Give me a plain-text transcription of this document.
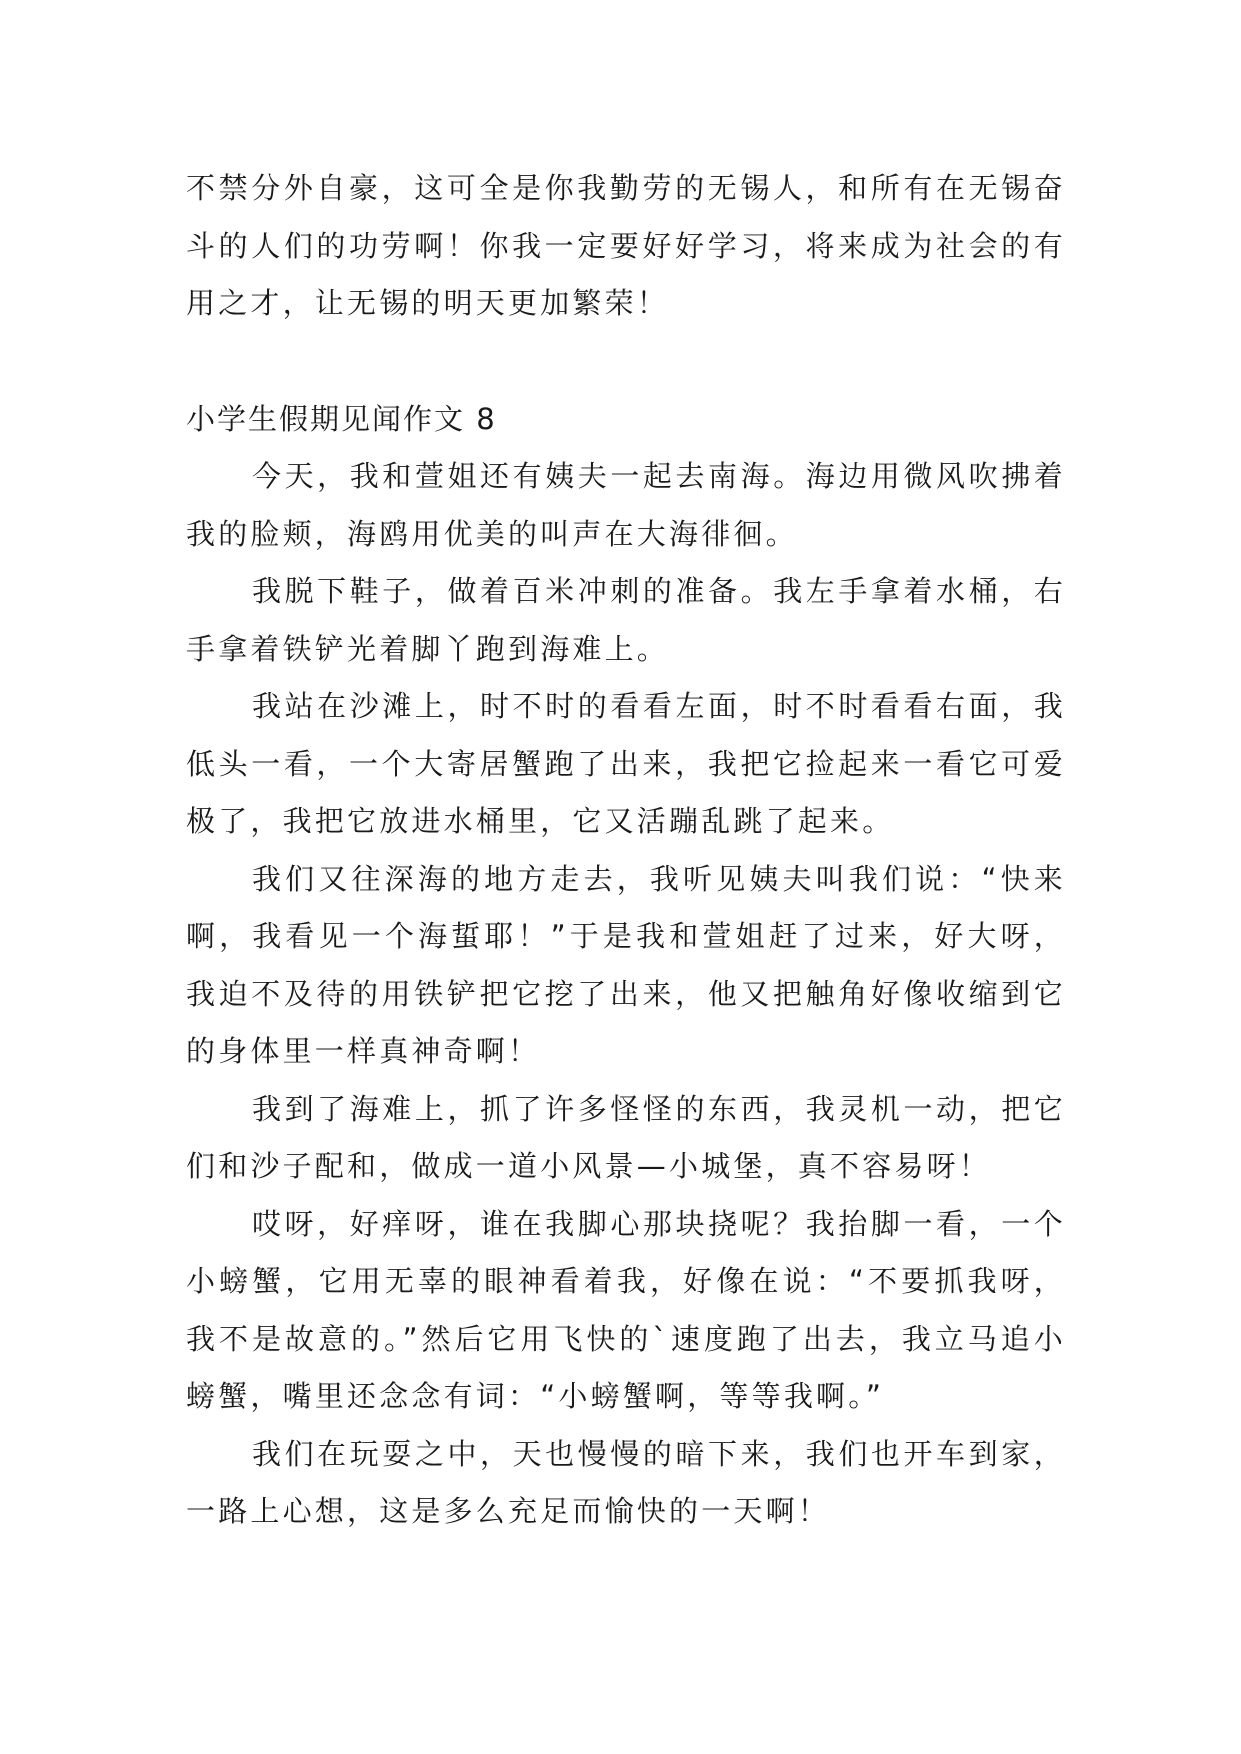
不禁分外自豪，这可全是你我勤劳的无锡人，和所有在无锡奋斗的人们的功劳啊！你我一定要好好学习，将来成为社会的有用之才，让无锡的明天更加繁荣！

小学生假期见闻作文 8

今天，我和萱姐还有姨夫一起去南海。海边用微风吹拂着我的脸颊，海鸥用优美的叫声在大海徘徊。

我脱下鞋子，做着百米冲刺的准备。我左手拿着水桶，右手拿着铁铲光着脚丫跑到海难上。

我站在沙滩上，时不时的看看左面，时不时看看右面，我低头一看，一个大寄居蟹跑了出来，我把它捡起来一看它可爱极了，我把它放进水桶里，它又活蹦乱跳了起来。

我们又往深海的地方走去，我听见姨夫叫我们说：“快来啊，我看见一个海蜇耶！”于是我和萱姐赶了过来，好大呀，我迫不及待的用铁铲把它挖了出来，他又把触角好像收缩到它的身体里一样真神奇啊！

我到了海难上，抓了许多怪怪的东西，我灵机一动，把它们和沙子配和，做成一道小风景—小城堡，真不容易呀！

哎呀，好痒呀，谁在我脚心那块挠呢？我抬脚一看，一个小螃蟹，它用无辜的眼神看着我，好像在说：“不要抓我呀，我不是故意的。”然后它用飞快的`速度跑了出去，我立马追小螃蟹，嘴里还念念有词：“小螃蟹啊，等等我啊。”

我们在玩耍之中，天也慢慢的暗下来，我们也开车到家，一路上心想，这是多么充足而愉快的一天啊！
